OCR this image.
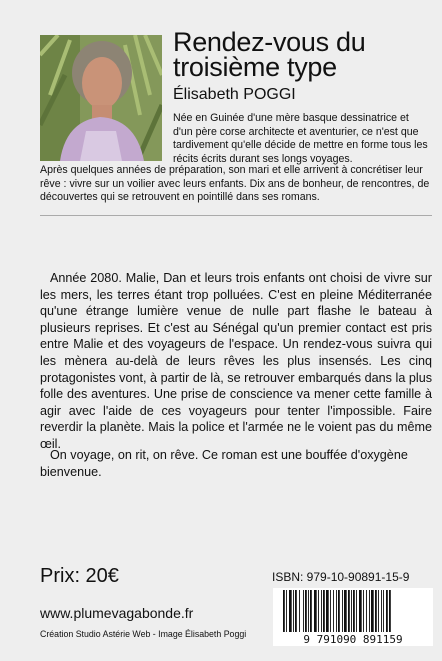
Rendez-vous du
troisième type
Élisabeth POGGI

Née en Guinée d'une mère basque dessinatrice et d'un père corse architecte et aventurier, ce n'est que tardivement qu'elle décide de mettre en forme tous les récits écrits durant ses longs voyages.

Après quelques années de préparation, son mari et elle arrivent à concrétiser leur rêve : vivre sur un voilier avec leurs enfants. Dix ans de bonheur, de rencontres, de découvertes qui se retrouvent en pointillé dans ses romans.

Année 2080. Malie, Dan et leurs trois enfants ont choisi de vivre sur les mers, les terres étant trop polluées. C'est en pleine Méditerranée qu'une étrange lumière venue de nulle part flashe le bateau à plusieurs reprises. Et c'est au Sénégal qu'un premier contact est pris entre Malie et des voyageurs de l'espace. Un rendez-vous suivra qui les mènera au-delà de leurs rêves les plus insensés. Les cinq protagonistes vont, à partir de là, se retrouver embarqués dans la plus folle des aventures. Une prise de conscience va mener cette famille à agir avec l'aide de ces voyageurs pour tenter l'impossible. Faire reverdir la planète. Mais la police et l'armée ne le voient pas du même œil.

On voyage, on rit, on rêve. Ce roman est une bouffée d'oxygène bienvenue.

Prix: 20€	ISBN: 979-10-90891-15-9
9 791090 891159
www.plumevagabonde.fr
Création Studio Astérie Web - Image Élisabeth Poggi
